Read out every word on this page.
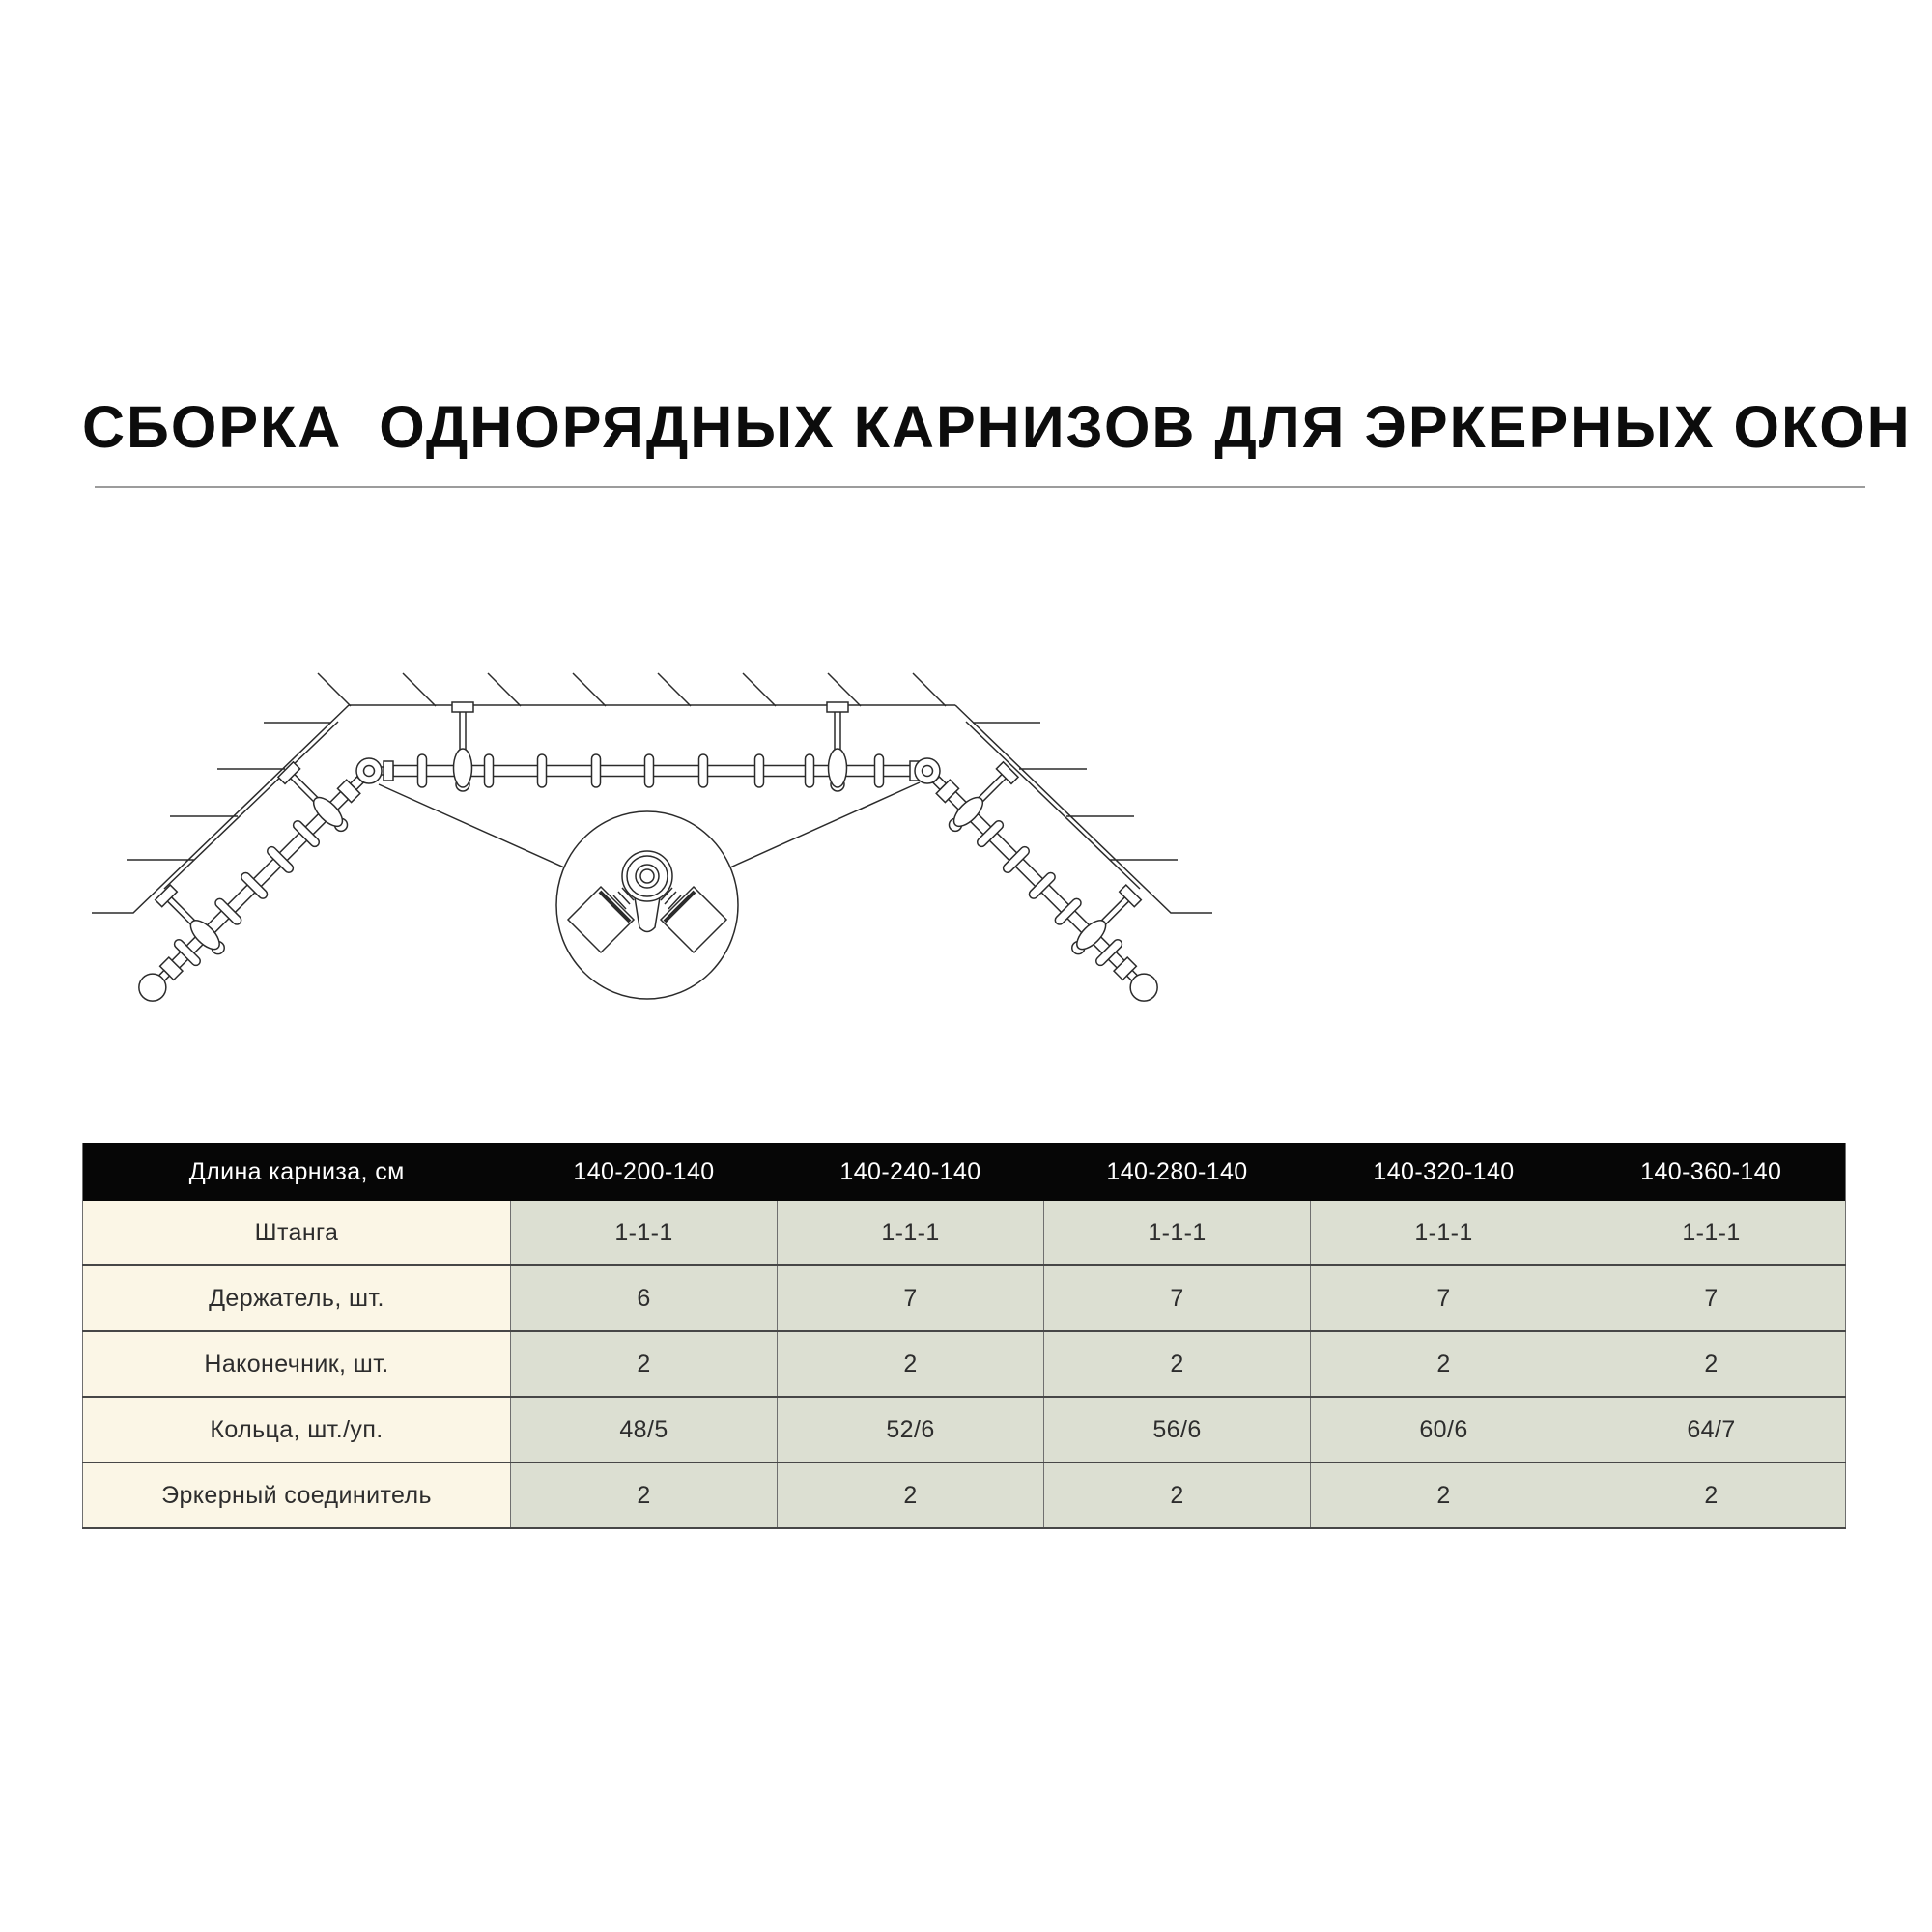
СБОРКА  ОДНОРЯДНЫХ КАРНИЗОВ ДЛЯ ЭРКЕРНЫХ ОКОН
Длина карниза, см	140-200-140	140-240-140	140-280-140	140-320-140	140-360-140
Штанга	1-1-1	1-1-1	1-1-1	1-1-1	1-1-1
Держатель, шт.	6	7	7	7	7
Наконечник, шт.	2	2	2	2	2
Кольца, шт./уп.	48/5	52/6	56/6	60/6	64/7
Эркерный соединитель	2	2	2	2	2
